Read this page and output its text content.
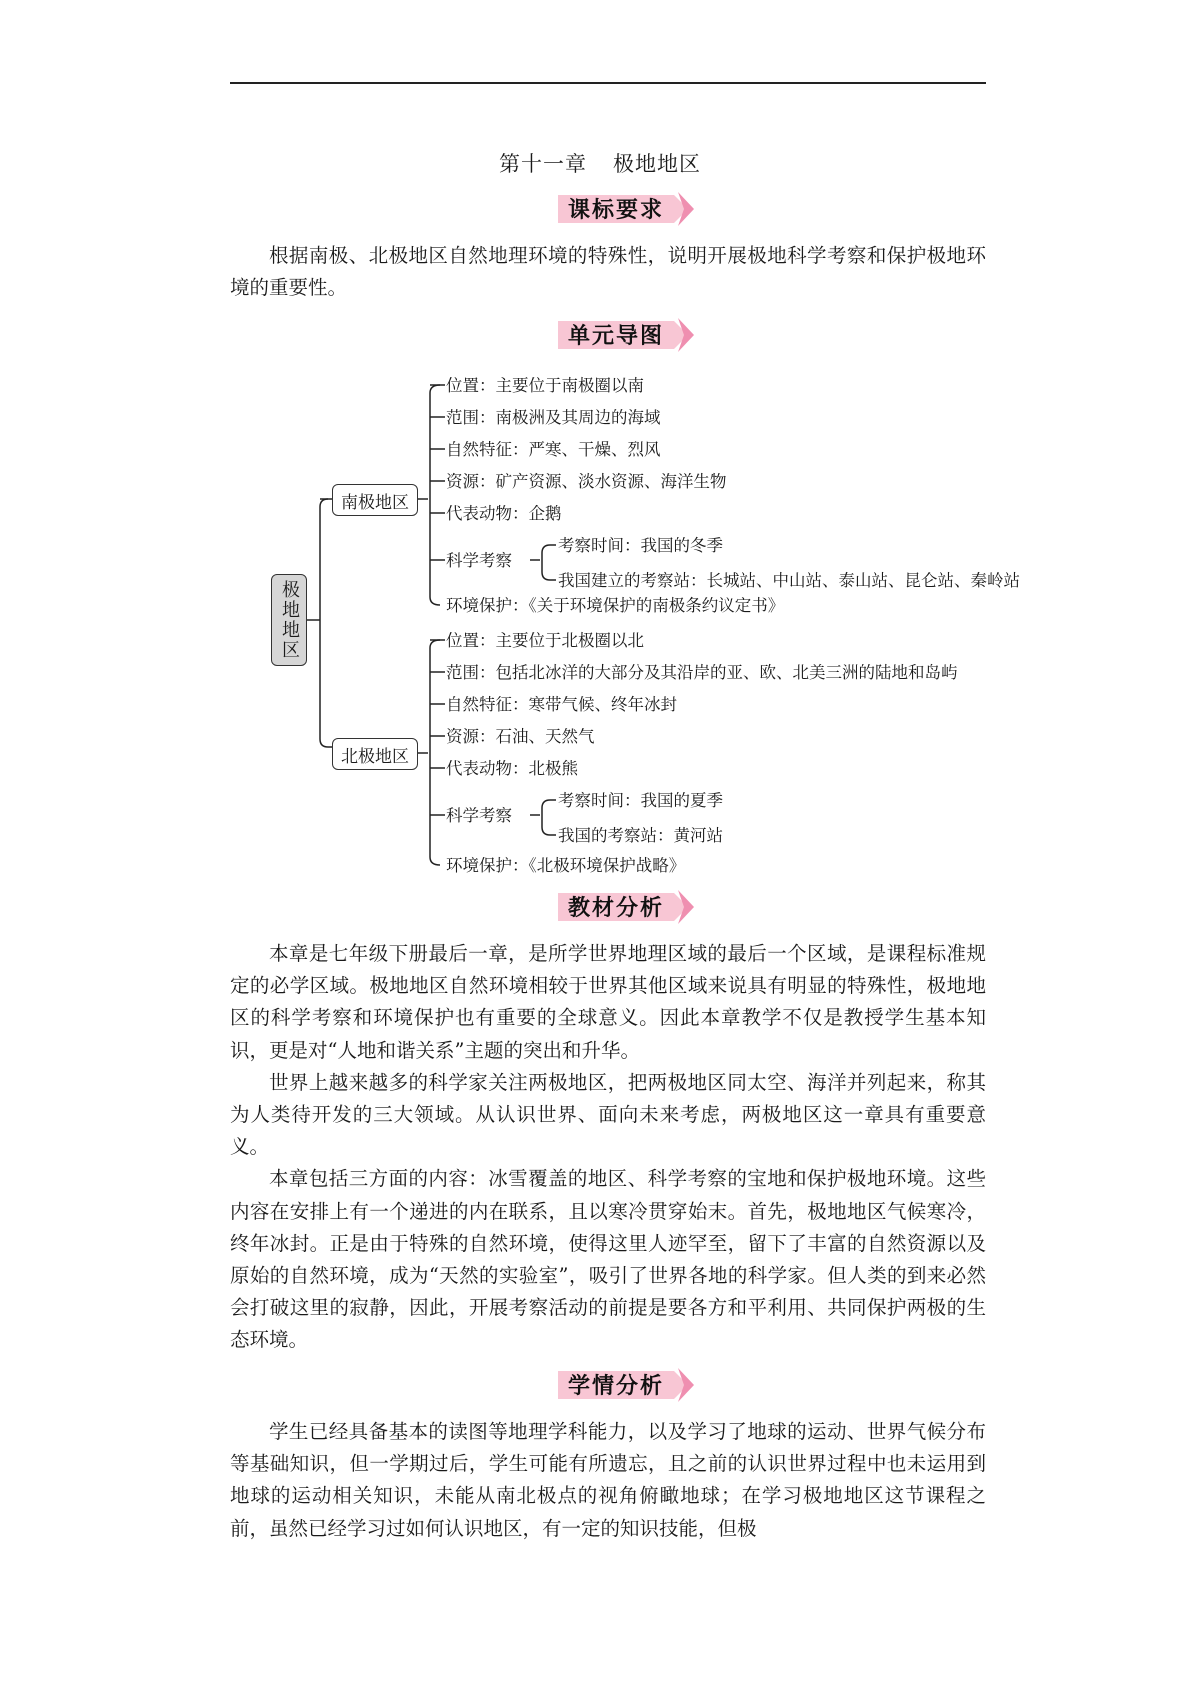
第十一章 极地地区
课标要求

根据南极、北极地区自然地理环境的特殊性，说明开展极地科学考察和保护极地环境的重要性。

单元导图
极地地区
南极地区
北极地区
位置：主要位于南极圈以南
范围：南极洲及其周边的海域
自然特征：严寒、干燥、烈风
资源：矿产资源、淡水资源、海洋生物
代表动物：企鹅
科学考察
考察时间：我国的冬季
我国建立的考察站：长城站、中山站、泰山站、昆仑站、秦岭站
环境保护：《关于环境保护的南极条约议定书》
位置：主要位于北极圈以北
范围：包括北冰洋的大部分及其沿岸的亚、欧、北美三洲的陆地和岛屿
自然特征：寒带气候、终年冰封
资源：石油、天然气
代表动物：北极熊
科学考察
考察时间：我国的夏季
我国的考察站：黄河站
环境保护：《北极环境保护战略》
教材分析

本章是七年级下册最后一章，是所学世界地理区域的最后一个区域，是课程标准规定的必学区域。极地地区自然环境相较于世界其他区域来说具有明显的特殊性，极地地区的科学考察和环境保护也有重要的全球意义。因此本章教学不仅是教授学生基本知识，更是对“人地和谐关系”主题的突出和升华。

世界上越来越多的科学家关注两极地区，把两极地区同太空、海洋并列起来，称其为人类待开发的三大领域。从认识世界、面向未来考虑，两极地区这一章具有重要意义。

本章包括三方面的内容：冰雪覆盖的地区、科学考察的宝地和保护极地环境。这些内容在安排上有一个递进的内在联系，且以寒冷贯穿始末。首先，极地地区气候寒冷，终年冰封。正是由于特殊的自然环境，使得这里人迹罕至，留下了丰富的自然资源以及原始的自然环境，成为“天然的实验室”，吸引了世界各地的科学家。但人类的到来必然会打破这里的寂静，因此，开展考察活动的前提是要各方和平利用、共同保护两极的生态环境。

学情分析

学生已经具备基本的读图等地理学科能力，以及学习了地球的运动、世界气候分布等基础知识，但一学期过后，学生可能有所遗忘，且之前的认识世界过程中也未运用到地球的运动相关知识，未能从南北极点的视角俯瞰地球；在学习极地地区这节课程之前，虽然已经学习过如何认识地区，有一定的知识技能，但极
